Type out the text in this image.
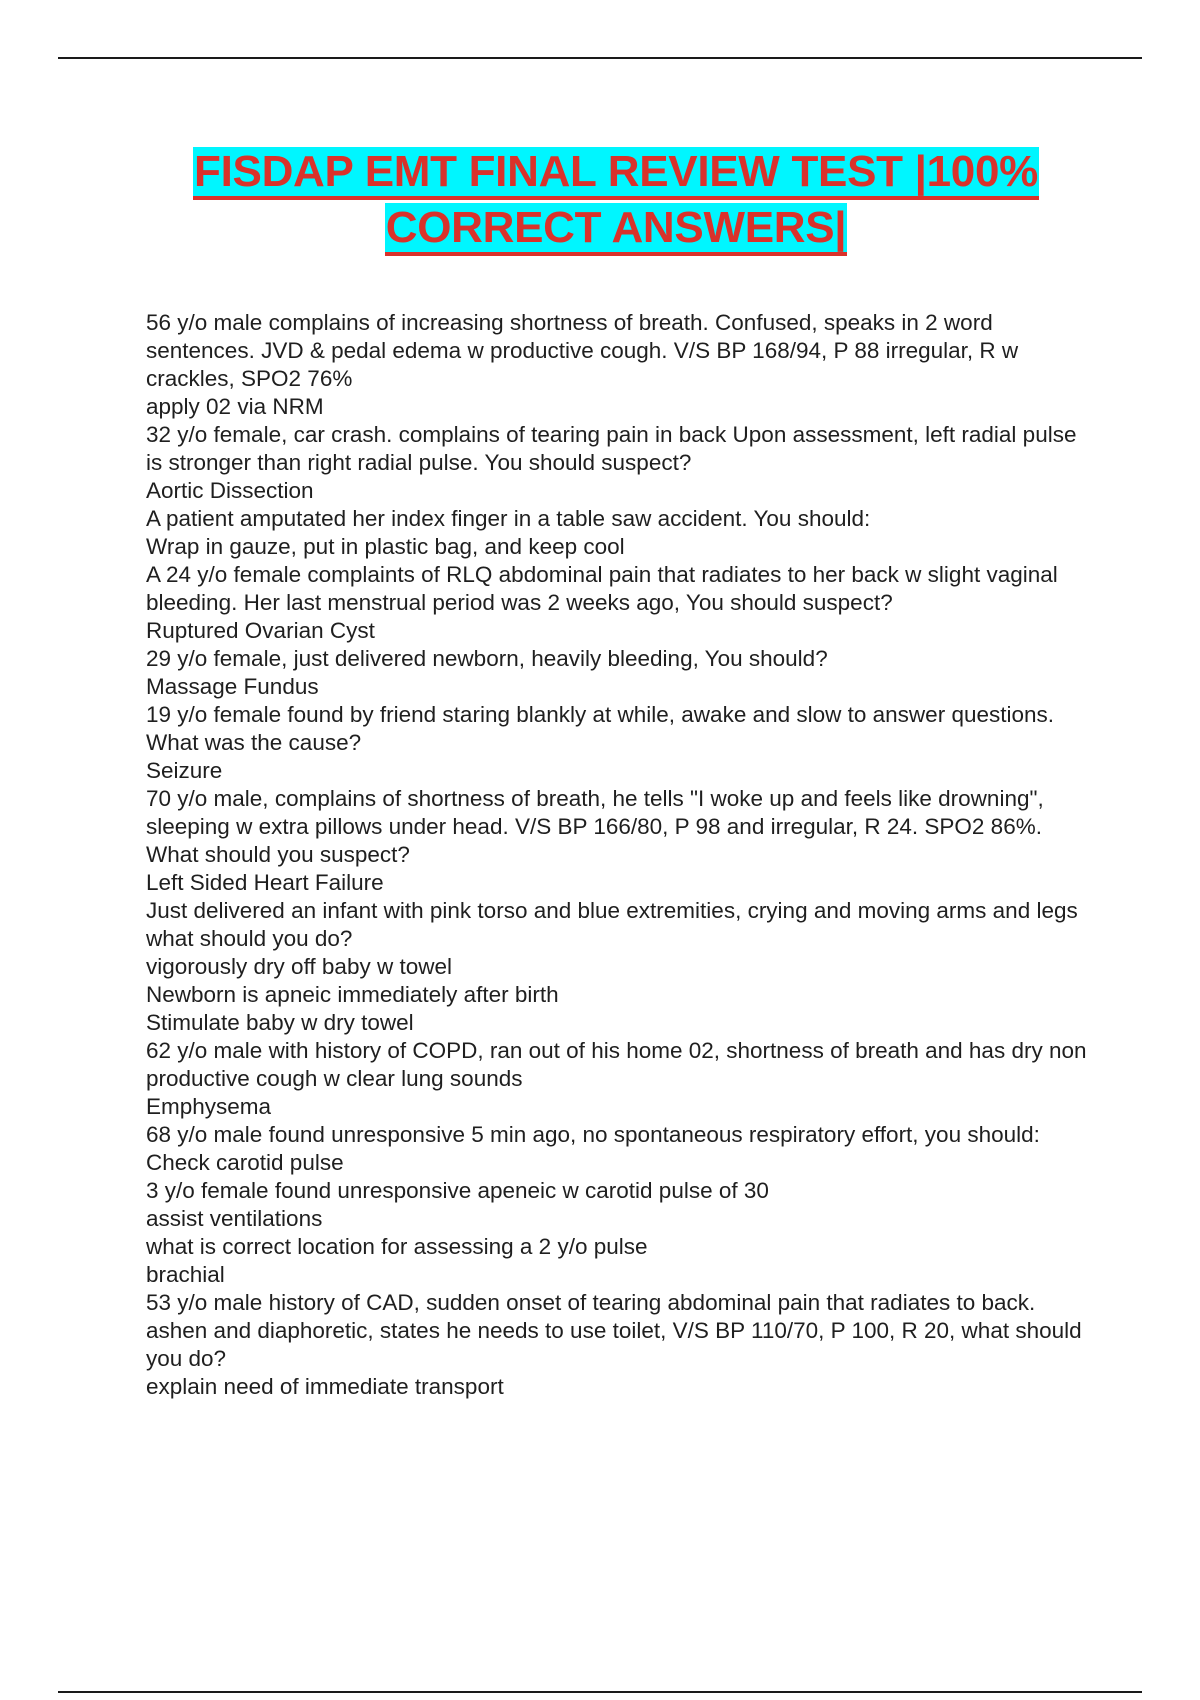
FISDAP EMT FINAL REVIEW TEST |100%
CORRECT ANSWERS|
56 y/o male complains of increasing shortness of breath. Confused, speaks in 2 word sentences. JVD & pedal edema w productive cough. V/S BP 168/94, P 88 irregular, R w crackles, SPO2 76%
apply 02 via NRM
32 y/o female, car crash. complains of tearing pain in back Upon assessment, left radial pulse is stronger than right radial pulse. You should suspect?
Aortic Dissection
A patient amputated her index finger in a table saw accident. You should:
Wrap in gauze, put in plastic bag, and keep cool
A 24 y/o female complaints of RLQ abdominal pain that radiates to her back w slight vaginal bleeding. Her last menstrual period was 2 weeks ago, You should suspect?
Ruptured Ovarian Cyst
29 y/o female, just delivered newborn, heavily bleeding, You should?
Massage Fundus
19 y/o female found by friend staring blankly at while, awake and slow to answer questions. What was the cause?
Seizure
70 y/o male, complains of shortness of breath, he tells "I woke up and feels like drowning", sleeping w extra pillows under head. V/S BP 166/80, P 98 and irregular, R 24. SPO2 86%. What should you suspect?
Left Sided Heart Failure
Just delivered an infant with pink torso and blue extremities, crying and moving arms and legs what should you do?
vigorously dry off baby w towel
Newborn is apneic immediately after birth
Stimulate baby w dry towel
62 y/o male with history of COPD, ran out of his home 02, shortness of breath and has dry non productive cough w clear lung sounds
Emphysema
68 y/o male found unresponsive 5 min ago, no spontaneous respiratory effort, you should:
Check carotid pulse
3 y/o female found unresponsive apeneic w carotid pulse of 30
assist ventilations
what is correct location for assessing a 2 y/o pulse
brachial
53 y/o male history of CAD, sudden onset of tearing abdominal pain that radiates to back. ashen and diaphoretic, states he needs to use toilet, V/S BP 110/70, P 100, R 20, what should you do?
explain need of immediate transport
